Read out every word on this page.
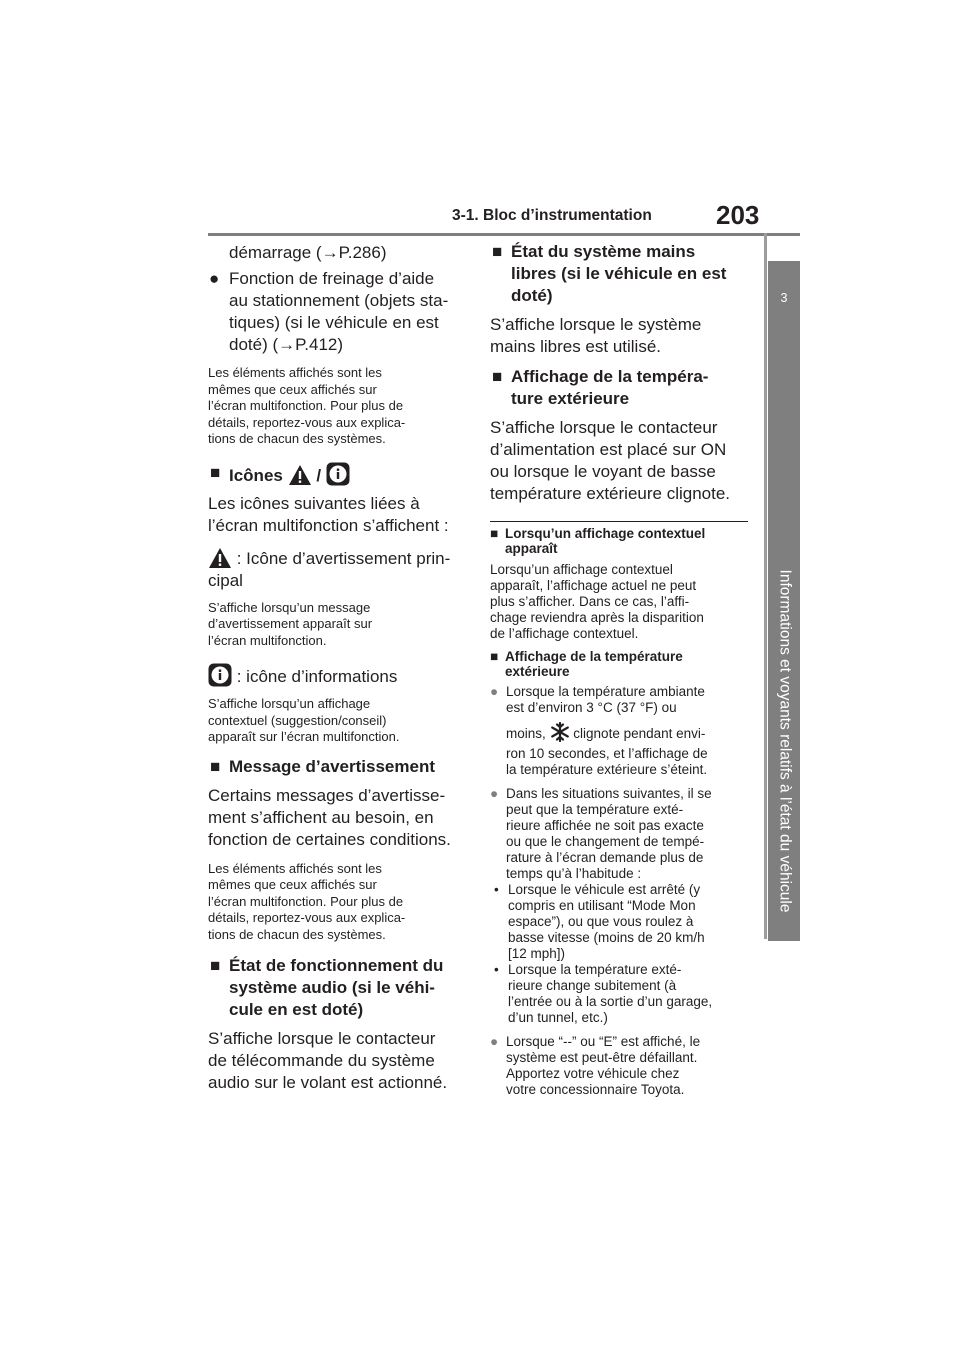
3-1. Bloc d’instrumentation 203
3
Informations et voyants relatifs à l’état du véhicule
démarrage (→P.286)
● Fonction de freinage d’aide
au stationnement (objets sta-
tiques) (si le véhicule en est
doté) (→P.412)
Les éléments affichés sont les
mêmes que ceux affichés sur
l’écran multifonction. Pour plus de
détails, reportez-vous aux explica-
tions de chacun des systèmes.
■ Icônes /
Les icônes suivantes liées à
l’écran multifonction s’affichent :
: Icône d’avertissement prin-
cipal
S’affiche lorsqu’un message
d’avertissement apparaît sur
l’écran multifonction.
: icône d’informations
S’affiche lorsqu’un affichage
contextuel (suggestion/conseil)
apparaît sur l’écran multifonction.
■ Message d’avertissement
Certains messages d’avertisse-
ment s’affichent au besoin, en
fonction de certaines conditions.
Les éléments affichés sont les
mêmes que ceux affichés sur
l’écran multifonction. Pour plus de
détails, reportez-vous aux explica-
tions de chacun des systèmes.
■ État de fonctionnement du
système audio (si le véhi-
cule en est doté)
S’affiche lorsque le contacteur
de télécommande du système
audio sur le volant est actionné.
■ État du système mains
libres (si le véhicule en est
doté)
S’affiche lorsque le système
mains libres est utilisé.
■ Affichage de la tempéra-
ture extérieure
S’affiche lorsque le contacteur
d’alimentation est placé sur ON
ou lorsque le voyant de basse
température extérieure clignote.
■ Lorsqu’un affichage contextuel
apparaît
Lorsqu’un affichage contextuel
apparaît, l’affichage actuel ne peut
plus s’afficher. Dans ce cas, l’affi-
chage reviendra après la disparition
de l’affichage contextuel.
■ Affichage de la température
extérieure
● Lorsque la température ambiante
est d’environ 3 °C (37 °F) ou
moins, clignote pendant envi-
ron 10 secondes, et l’affichage de
la température extérieure s’éteint.
● Dans les situations suivantes, il se
peut que la température exté-
rieure affichée ne soit pas exacte
ou que le changement de tempé-
rature à l’écran demande plus de
temps qu’à l’habitude :
• Lorsque le véhicule est arrêté (y
compris en utilisant “Mode Mon
espace”), ou que vous roulez à
basse vitesse (moins de 20 km/h
[12 mph])
• Lorsque la température exté-
rieure change subitement (à
l’entrée ou à la sortie d’un garage,
d’un tunnel, etc.)
● Lorsque “--” ou “E” est affiché, le
système est peut-être défaillant.
Apportez votre véhicule chez
votre concessionnaire Toyota.
